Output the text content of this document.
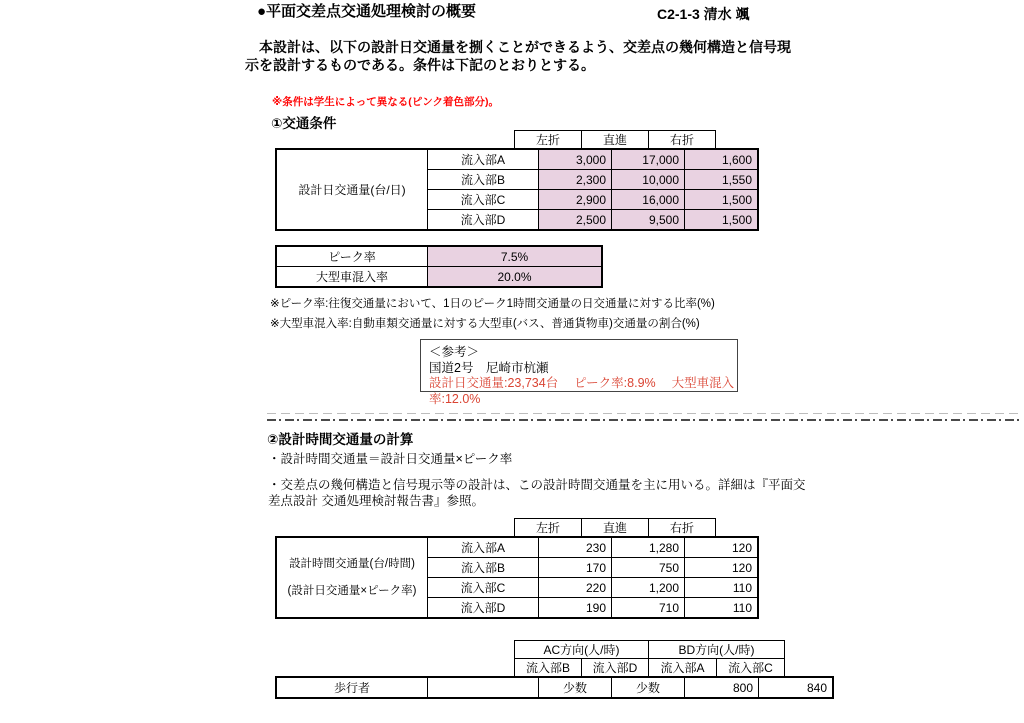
●平面交差点交通処理検討の概要	C2-1-3 清水 颯
　本設計は、以下の設計日交通量を捌くことができるよう、交差点の幾何構造と信号現示を設計するものである。条件は下記のとおりとする。
※条件は学生によって異なる(ピンク着色部分)。
①交通条件
左折	直進	右折
設計日交通量(台/日)	流入部A	3,000	17,000	1,600
	流入部B	2,300	10,000	1,550
	流入部C	2,900	16,000	1,500
	流入部D	2,500	9,500	1,500
ピーク率	7.5%
大型車混入率	20.0%
※ピーク率:往復交通量において、1日のピーク1時間交通量の日交通量に対する比率(%)
※大型車混入率:自動車類交通量に対する大型車(バス、普通貨物車)交通量の割合(%)
＜参考＞
国道2号　尼崎市杭瀬
設計日交通量:23,734台　 ピーク率:8.9%　 大型車混入率:12.0%
②設計時間交通量の計算
・設計時間交通量＝設計日交通量×ピーク率
・交差点の幾何構造と信号現示等の設計は、この設計時間交通量を主に用いる。詳細は『平面交差点設計 交通処理検討報告書』参照。
左折	直進	右折
設計時間交通量(台/時間)
(設計日交通量×ピーク率)	流入部A	230	1,280	120
	流入部B	170	750	120
	流入部C	220	1,200	110
	流入部D	190	710	110
AC方向(人/時)		BD方向(人/時)	
流入部B	流入部D	流入部A	流入部C
歩行者		少数	少数	800	840
